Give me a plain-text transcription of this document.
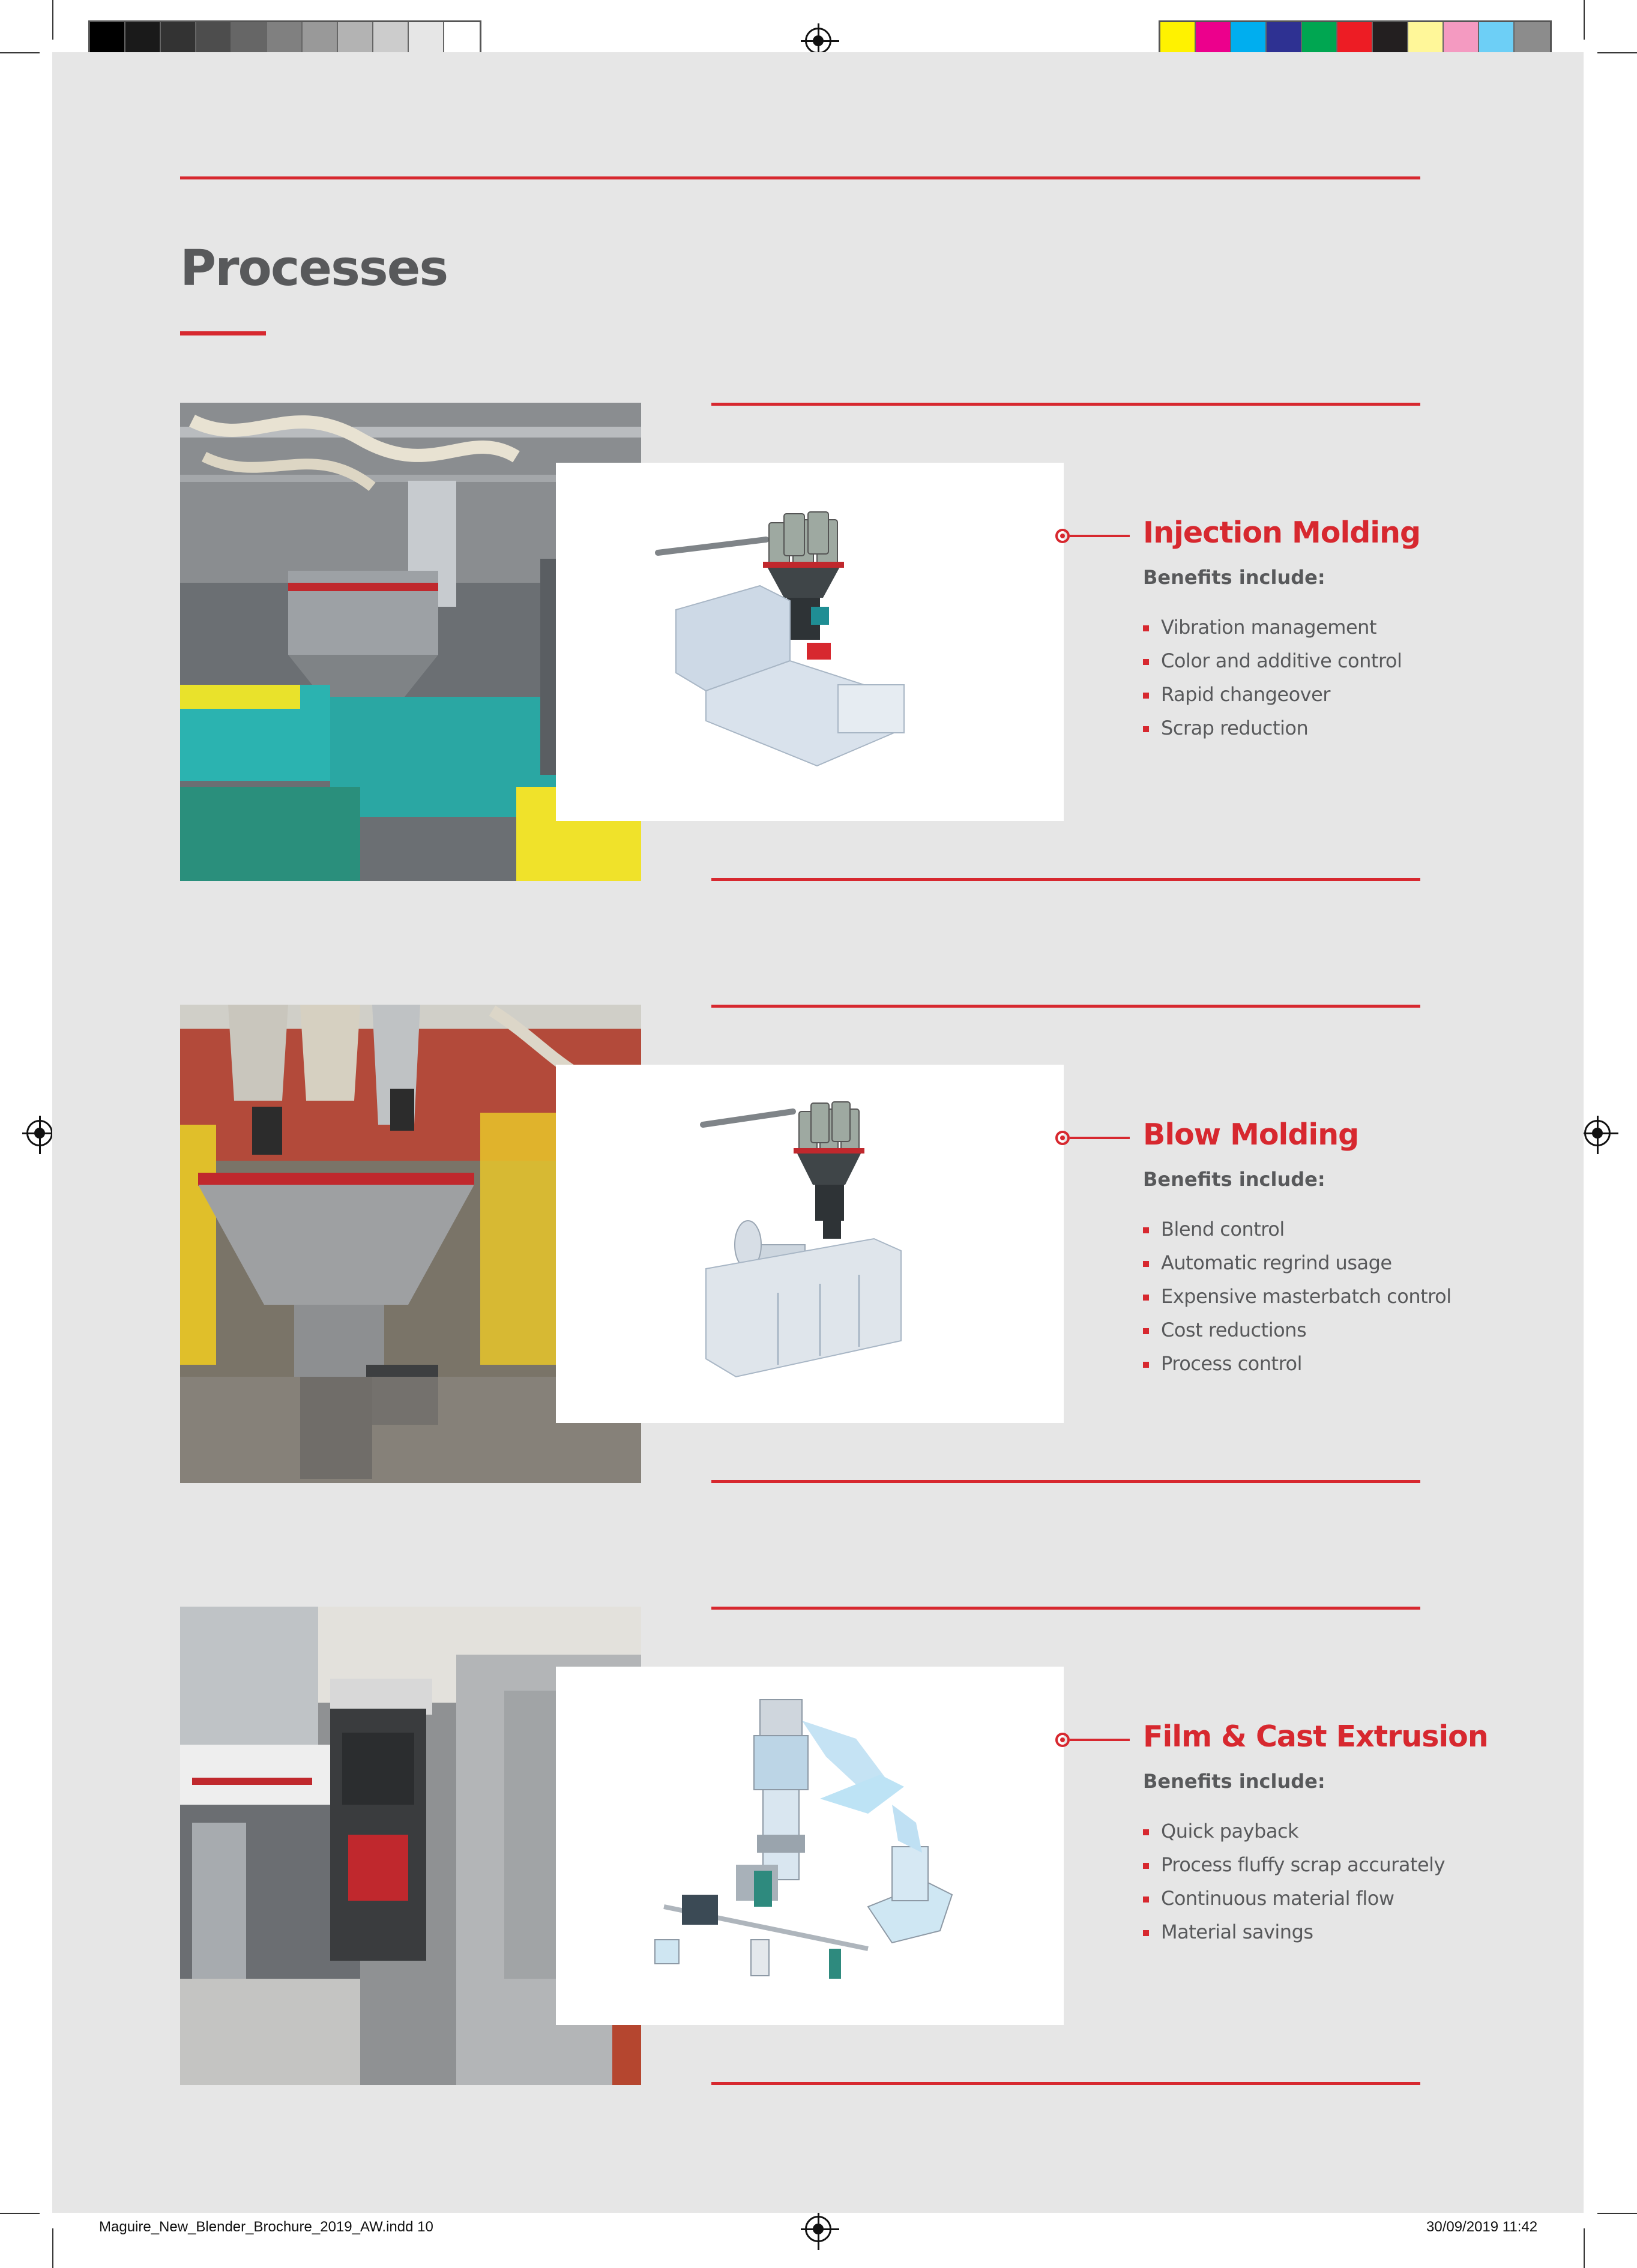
Processes
Injection Molding
Benefits include:
Vibration management
Color and additive control
Rapid changeover
Scrap reduction
Blow Molding
Benefits include:
Blend control
Automatic regrind usage
Expensive masterbatch control
Cost reductions
Process control
Film & Cast Extrusion
Benefits include:
Quick payback
Process fluffy scrap accurately
Continuous material flow
Material savings
Maguire_New_Blender_Brochure_2019_AW.indd 10	30/09/2019 11:42
